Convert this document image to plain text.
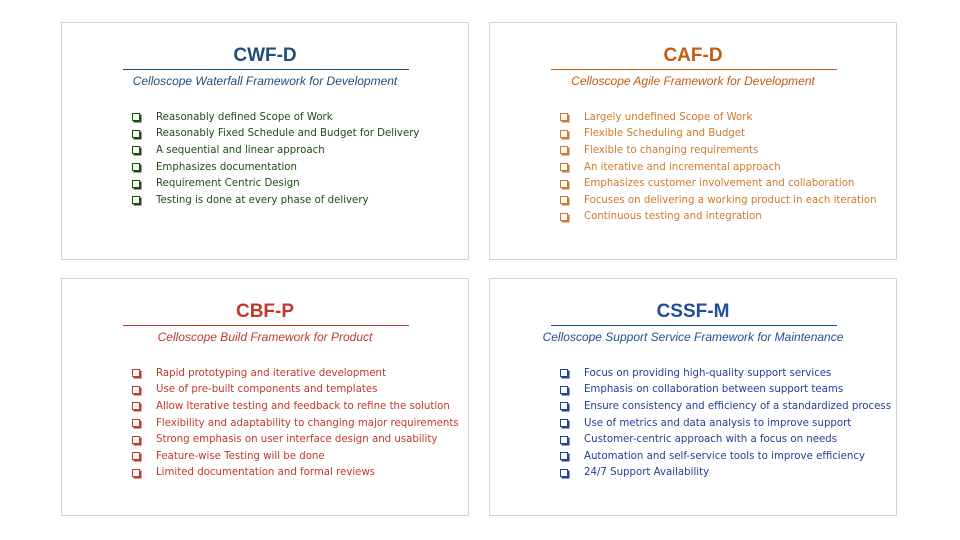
CWF-D
Celloscope Waterfall Framework for Development
Reasonably defined Scope of Work
Reasonably Fixed Schedule and Budget for Delivery
A sequential and linear approach
Emphasizes documentation
Requirement Centric Design
Testing is done at every phase of delivery
CAF-D
Celloscope Agile Framework for Development
Largely undefined Scope of Work
Flexible Scheduling and Budget
Flexible to changing requirements
An iterative and incremental approach
Emphasizes customer involvement and collaboration
Focuses on delivering a working product in each iteration
Continuous testing and integration
CBF-P
Celloscope Build Framework for Product
Rapid prototyping and iterative development
Use of pre-built components and templates
Allow Iterative testing and feedback to refine the solution
Flexibility and adaptability to changing major requirements
Strong emphasis on user interface design and usability
Feature-wise Testing will be done
Limited documentation and formal reviews
CSSF-M
Celloscope Support Service Framework for Maintenance
Focus on providing high-quality support services
Emphasis on collaboration between support teams
Ensure consistency and efficiency of a standardized process
Use of metrics and data analysis to improve support
Customer-centric approach with a focus on needs
Automation and self-service tools to improve efficiency
24/7 Support Availability
